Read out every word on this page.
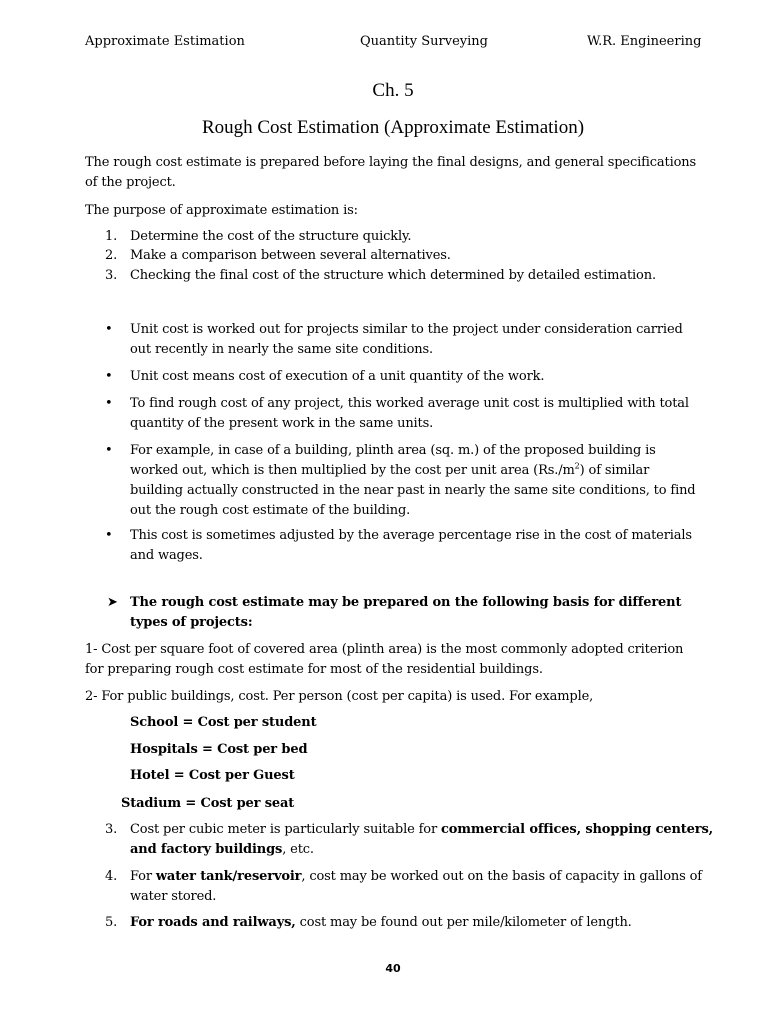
Approximate Estimation	Quantity Surveying	W.R. Engineering
Ch. 5
Rough Cost Estimation (Approximate Estimation)
The rough cost estimate is prepared before laying the final designs, and general specifications of the project.
The purpose of approximate estimation is:
1. Determine the cost of the structure quickly.
2. Make a comparison between several alternatives.
3. Checking the final cost of the structure which determined by detailed estimation.
• Unit cost is worked out for projects similar to the project under consideration carried out recently in nearly the same site conditions.
• Unit cost means cost of execution of a unit quantity of the work.
• To find rough cost of any project, this worked average unit cost is multiplied with total quantity of the present work in the same units.
• For example, in case of a building, plinth area (sq. m.) of the proposed building is worked out, which is then multiplied by the cost per unit area $(Rs./m^2)$ of similar building actually constructed in the near past in nearly the same site conditions, to find out the rough cost estimate of the building.
• This cost is sometimes adjusted by the average percentage rise in the cost of materials and wages.
➤ The rough cost estimate may be prepared on the following basis for different types of projects:
1- Cost per square foot of covered area (plinth area) is the most commonly adopted criterion for preparing rough cost estimate for most of the residential buildings.
2- For public buildings, cost. Per person (cost per capita) is used. For example,
School = Cost per student
Hospitals = Cost per bed
Hotel = Cost per Guest
Stadium = Cost per seat
3. Cost per cubic meter is particularly suitable for commercial offices, shopping centers, and factory buildings, etc.
4. For water tank/reservoir, cost may be worked out on the basis of capacity in gallons of water stored.
5. For roads and railways, cost may be found out per mile/kilometer of length.
40
